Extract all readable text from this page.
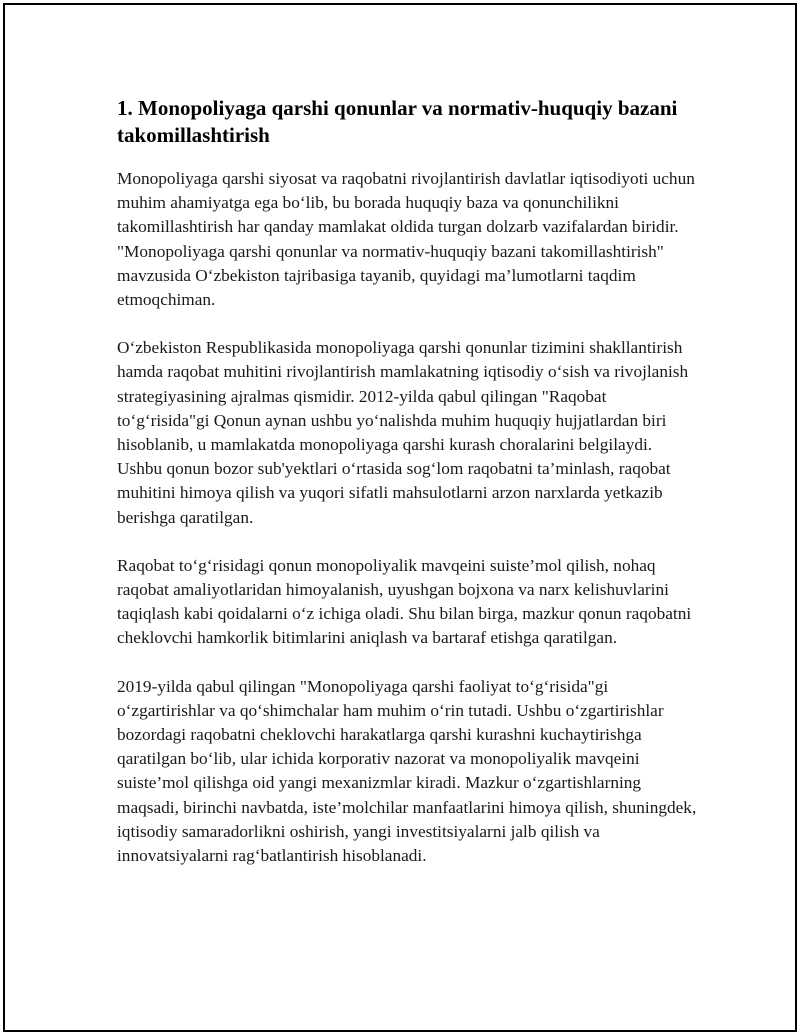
1. Monopoliyaga qarshi qonunlar va normativ-huquqiy bazani takomillashtirish

Monopoliyaga qarshi siyosat va raqobatni rivojlantirish davlatlar iqtisodiyoti uchun muhim ahamiyatga ega bo‘lib, bu borada huquqiy baza va qonunchilikni takomillashtirish har qanday mamlakat oldida turgan dolzarb vazifalardan biridir. "Monopoliyaga qarshi qonunlar va normativ-huquqiy bazani takomillashtirish" mavzusida O‘zbekiston tajribasiga tayanib, quyidagi ma’lumotlarni taqdim etmoqchiman.

O‘zbekiston Respublikasida monopoliyaga qarshi qonunlar tizimini shakllantirish hamda raqobat muhitini rivojlantirish mamlakatning iqtisodiy o‘sish va rivojlanish strategiyasining ajralmas qismidir. 2012-yilda qabul qilingan "Raqobat to‘g‘risida"gi Qonun aynan ushbu yo‘nalishda muhim huquqiy hujjatlardan biri hisoblanib, u mamlakatda monopoliyaga qarshi kurash choralarini belgilaydi. Ushbu qonun bozor sub'yektlari o‘rtasida sog‘lom raqobatni ta’minlash, raqobat muhitini himoya qilish va yuqori sifatli mahsulotlarni arzon narxlarda yetkazib berishga qaratilgan.

Raqobat to‘g‘risidagi qonun monopoliyalik mavqeini suiste’mol qilish, nohaq raqobat amaliyotlaridan himoyalanish, uyushgan bojxona va narx kelishuvlarini taqiqlash kabi qoidalarni o‘z ichiga oladi. Shu bilan birga, mazkur qonun raqobatni cheklovchi hamkorlik bitimlarini aniqlash va bartaraf etishga qaratilgan.

2019-yilda qabul qilingan "Monopoliyaga qarshi faoliyat to‘g‘risida"gi o‘zgartirishlar va qo‘shimchalar ham muhim o‘rin tutadi. Ushbu o‘zgartirishlar bozordagi raqobatni cheklovchi harakatlarga qarshi kurashni kuchaytirishga qaratilgan bo‘lib, ular ichida korporativ nazorat va monopoliyalik mavqeini suiste’mol qilishga oid yangi mexanizmlar kiradi. Mazkur o‘zgartishlarning maqsadi, birinchi navbatda, iste’molchilar manfaatlarini himoya qilish, shuningdek, iqtisodiy samaradorlikni oshirish, yangi investitsiyalarni jalb qilish va innovatsiyalarni rag‘batlantirish hisoblanadi.
